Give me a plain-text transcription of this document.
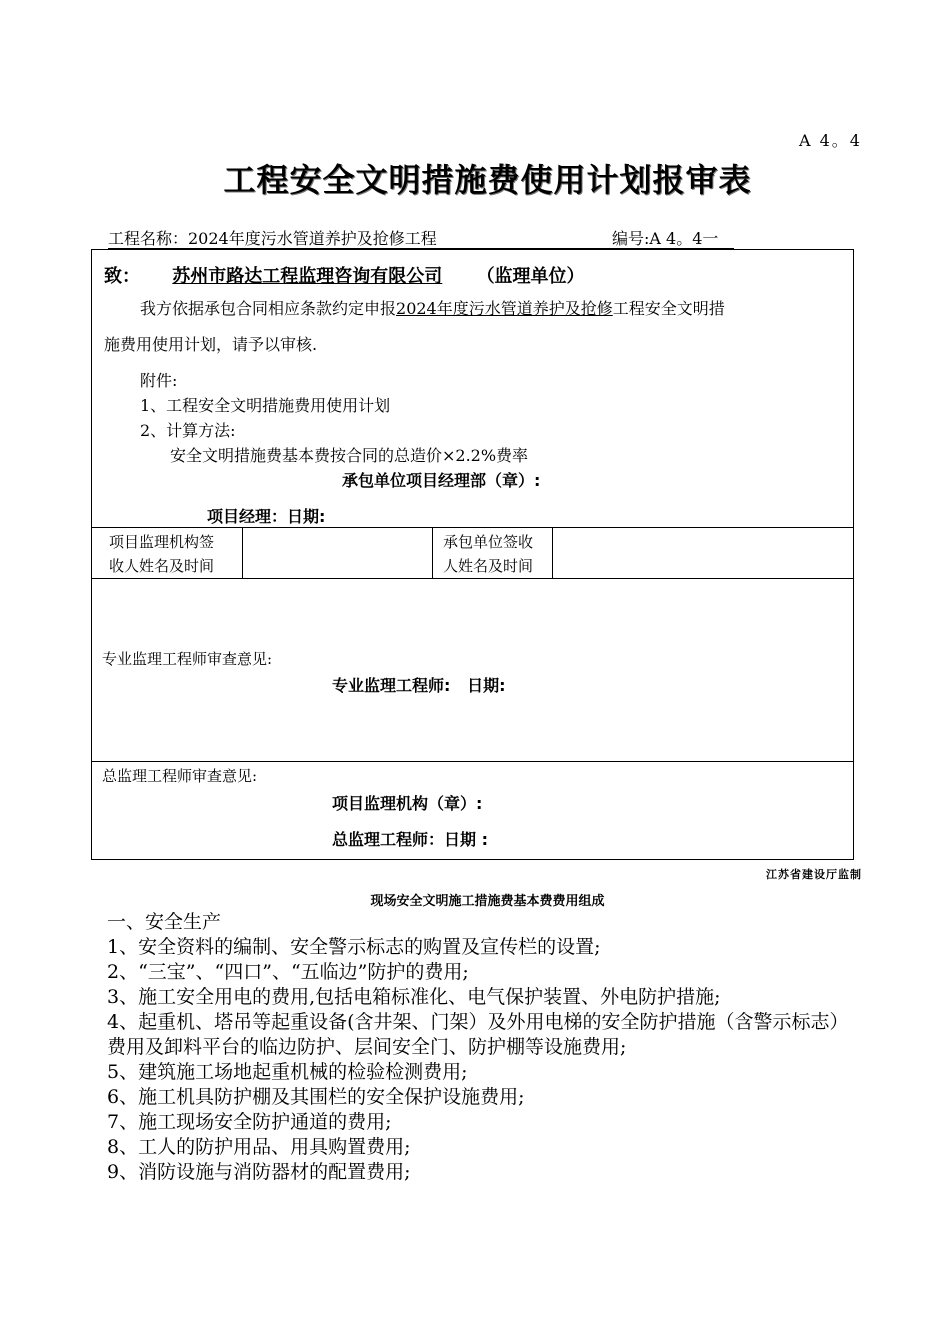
A 4。4
工程安全文明措施费使用计划报审表
工程名称：2024年度污水管道养护及抢修工程	编号:A 4。4一
致： 苏州市路达工程监理咨询有限公司 （监理单位）
我方依据承包合同相应条款约定申报2024年度污水管道养护及抢修工程安全文明措
施费用使用计划，请予以审核.
附件:
1、工程安全文明措施费用使用计划
2、计算方法:
安全文明措施费基本费按合同的总造价×2.2%费率
承包单位项目经理部（章）:
项目经理：日期:
项目监理机构签
收人姓名及时间
承包单位签收
人姓名及时间
专业监理工程师审查意见:
专业监理工程师:   日期:
总监理工程师审查意见:
项目监理机构（章）:
总监理工程师：日期 :
江苏省建设厅监制
现场安全文明施工措施费基本费费用组成
一、安全生产
1、安全资料的编制、安全警示标志的购置及宣传栏的设置;
2、“三宝”、“四口”、“五临边”防护的费用;
3、施工安全用电的费用,包括电箱标准化、电气保护装置、外电防护措施;
4、起重机、塔吊等起重设备(含井架、门架）及外用电梯的安全防护措施（含警示标志）费用及卸料平台的临边防护、层间安全门、防护棚等设施费用;
5、建筑施工场地起重机械的检验检测费用;
6、施工机具防护棚及其围栏的安全保护设施费用;
7、施工现场安全防护通道的费用;
8、工人的防护用品、用具购置费用;
9、消防设施与消防器材的配置费用;
